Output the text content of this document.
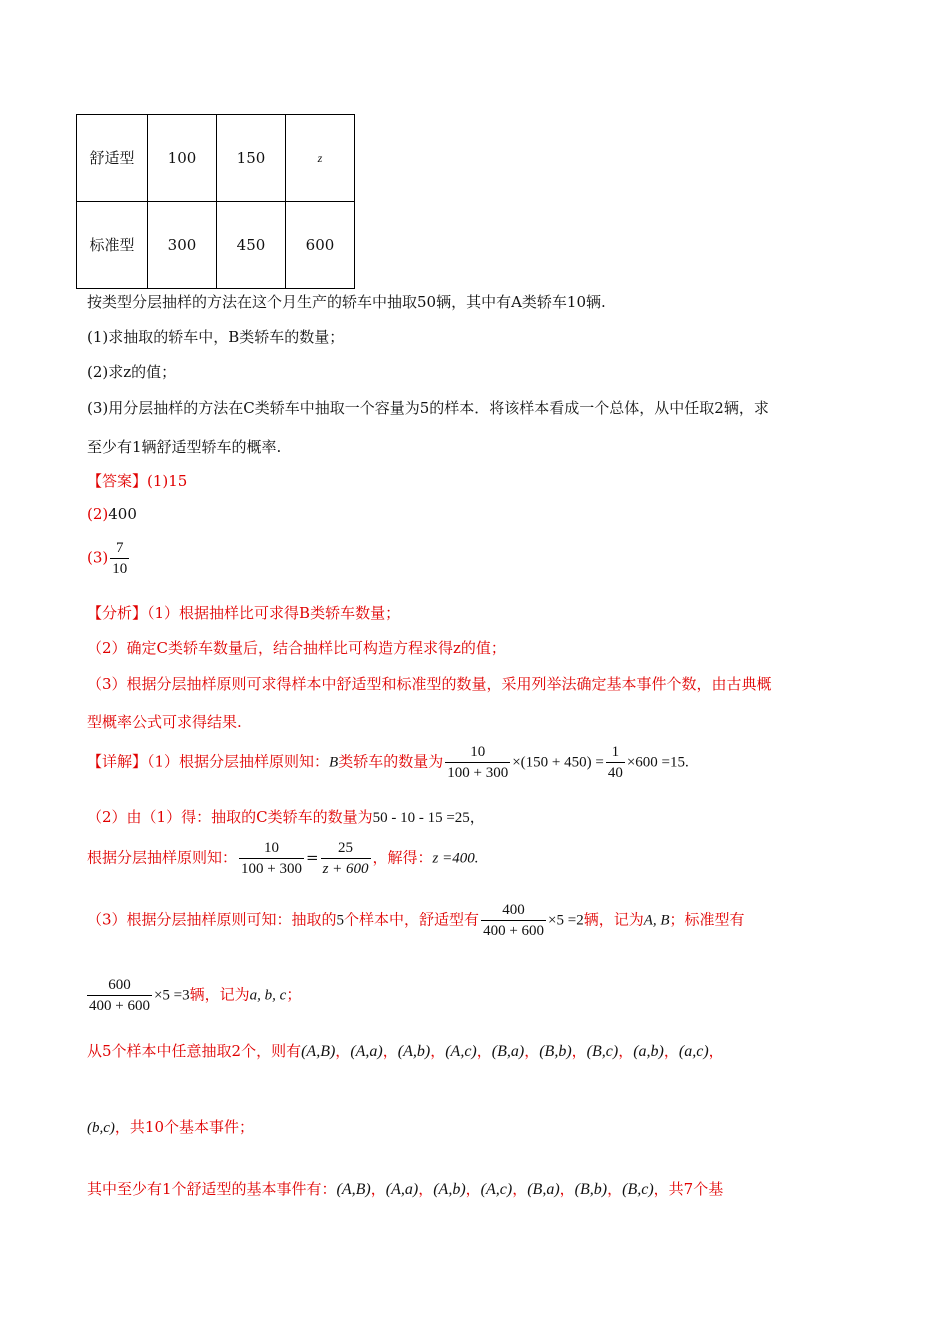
舒适型	100	150	z
标准型	300	450	600
按类型分层抽样的方法在这个月生产的轿车中抽取50辆，其中有A类轿车10辆.
(1)求抽取的轿车中，B类轿车的数量；
(2)求z的值；
(3)用分层抽样的方法在C类轿车中抽取一个容量为5的样本．将该样本看成一个总体，从中任取2辆，求
至少有1辆舒适型轿车的概率.
【答案】(1)15
(2)400
$(3) \frac{7}{10}$
【分析】（1）根据抽样比可求得B类轿车数量；
（2）确定C类轿车数量后，结合抽样比可构造方程求得z的值；
（3）根据分层抽样原则可求得样本中舒适型和标准型的数量，采用列举法确定基本事件个数，由古典概
型概率公式可求得结果.
【详解】（1）根据分层抽样原则知：B类轿车的数量为 $\frac{10}{100 + 300} \times(150 + 450) = \frac{1}{40} \times 600 =15$.
（2）由（1）得：抽取的C类轿车的数量为50 - 10 - 15 =25，
根据分层抽样原则知： $\frac{10}{100 + 300} = \frac{25}{z + 600}$ ，解得：z =400.
（3）根据分层抽样原则可知：抽取的5个样本中，舒适型有 $\frac{400}{400 + 600} \times 5 =2$辆，记为A, B；标准型有
$\frac{600}{400 + 600} \times 5 =3$辆，记为a, b, c；
从5个样本中任意抽取2个，则有(A,B)，(A,a)，(A,b)，(A,c)，(B,a)，(B,b)，(B,c)，(a,b)，(a,c)，
(b,c)，共10个基本事件；
其中至少有1个舒适型的基本事件有：(A,B)，(A,a)，(A,b)，(A,c)，(B,a)，(B,b)，(B,c)，共7个基
